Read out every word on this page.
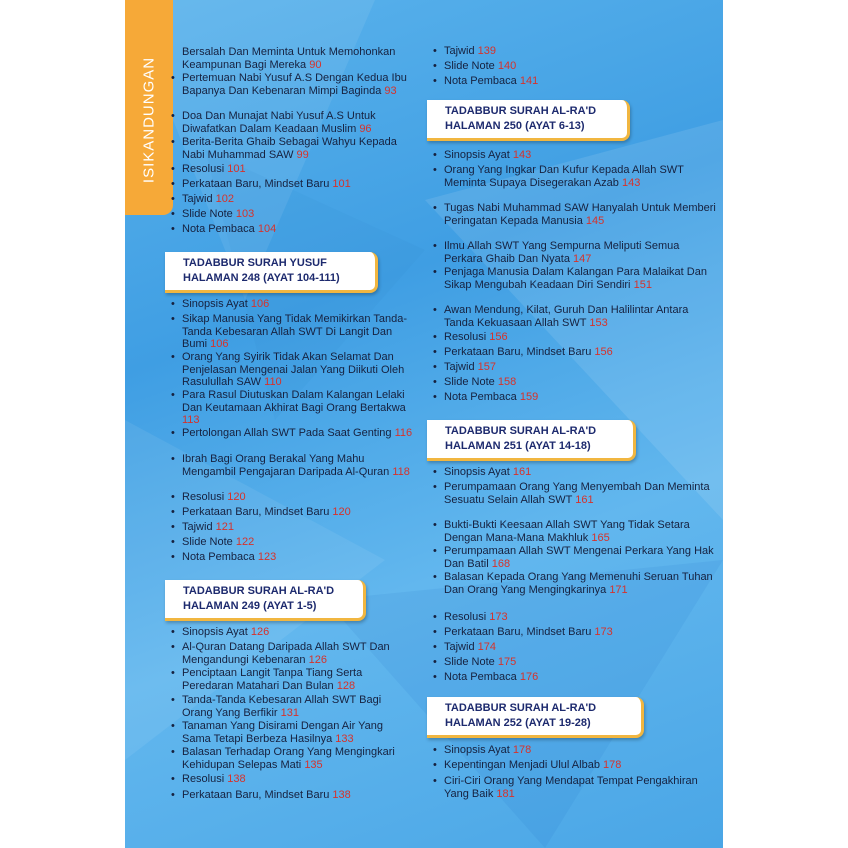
ISIKANDUNGAN
Bersalah Dan Meminta Untuk Memohonkan Keampunan Bagi Mereka 90
• Pertemuan Nabi Yusuf A.S Dengan Kedua Ibu Bapanya Dan Kebenaran Mimpi Baginda 93
• Doa Dan Munajat Nabi Yusuf A.S Untuk Diwafatkan Dalam Keadaan Muslim 96
• Berita-Berita Ghaib Sebagai Wahyu Kepada Nabi Muhammad SAW 99
• Resolusi 101
• Perkataan Baru, Mindset Baru 101
• Tajwid 102
• Slide Note 103
• Nota Pembaca 104
TADABBUR SURAH YUSUF
HALAMAN 248 (AYAT 104-111)
• Sinopsis Ayat 106
• Sikap Manusia Yang Tidak Memikirkan Tanda-Tanda Kebesaran Allah SWT Di Langit Dan Bumi 106
• Orang Yang Syirik Tidak Akan Selamat Dan Penjelasan Mengenai Jalan Yang Diikuti Oleh Rasulullah SAW 110
• Para Rasul Diutuskan Dalam Kalangan Lelaki Dan Keutamaan Akhirat Bagi Orang Bertakwa 113
• Pertolongan Allah SWT Pada Saat Genting 116
• Ibrah Bagi Orang Berakal Yang Mahu Mengambil Pengajaran Daripada Al-Quran 118
• Resolusi 120
• Perkataan Baru, Mindset Baru 120
• Tajwid 121
• Slide Note 122
• Nota Pembaca 123
TADABBUR SURAH AL-RA'D
HALAMAN 249 (AYAT 1-5)
• Sinopsis Ayat 126
• Al-Quran Datang Daripada Allah SWT Dan Mengandungi Kebenaran 126
• Penciptaan Langit Tanpa Tiang Serta Peredaran Matahari Dan Bulan 128
• Tanda-Tanda Kebesaran Allah SWT Bagi Orang Yang Berfikir 131
• Tanaman Yang Disirami Dengan Air Yang Sama Tetapi Berbeza Hasilnya 133
• Balasan Terhadap Orang Yang Mengingkari Kehidupan Selepas Mati 135
• Resolusi 138
• Perkataan Baru, Mindset Baru 138
• Tajwid 139
• Slide Note 140
• Nota Pembaca 141
TADABBUR SURAH AL-RA'D
HALAMAN 250 (AYAT 6-13)
• Sinopsis Ayat 143
• Orang Yang Ingkar Dan Kufur Kepada Allah SWT Meminta Supaya Disegerakan Azab 143
• Tugas Nabi Muhammad SAW Hanyalah Untuk Memberi Peringatan Kepada Manusia 145
• Ilmu Allah SWT Yang Sempurna Meliputi Semua Perkara Ghaib Dan Nyata 147
• Penjaga Manusia Dalam Kalangan Para Malaikat Dan Sikap Mengubah Keadaan Diri Sendiri 151
• Awan Mendung, Kilat, Guruh Dan Halilintar Antara Tanda Kekuasaan Allah SWT 153
• Resolusi 156
• Perkataan Baru, Mindset Baru 156
• Tajwid 157
• Slide Note 158
• Nota Pembaca 159
TADABBUR SURAH AL-RA'D
HALAMAN 251 (AYAT 14-18)
• Sinopsis Ayat 161
• Perumpamaan Orang Yang Menyembah Dan Meminta Sesuatu Selain Allah SWT 161
• Bukti-Bukti Keesaan Allah SWT Yang Tidak Setara Dengan Mana-Mana Makhluk 165
• Perumpamaan Allah SWT Mengenai Perkara Yang Hak Dan Batil 168
• Balasan Kepada Orang Yang Memenuhi Seruan Tuhan Dan Orang Yang Mengingkarinya 171
• Resolusi 173
• Perkataan Baru, Mindset Baru 173
• Tajwid 174
• Slide Note 175
• Nota Pembaca 176
TADABBUR SURAH AL-RA'D
HALAMAN 252 (AYAT 19-28)
• Sinopsis Ayat 178
• Kepentingan Menjadi Ulul Albab 178
• Ciri-Ciri Orang Yang Mendapat Tempat Pengakhiran Yang Baik 181
